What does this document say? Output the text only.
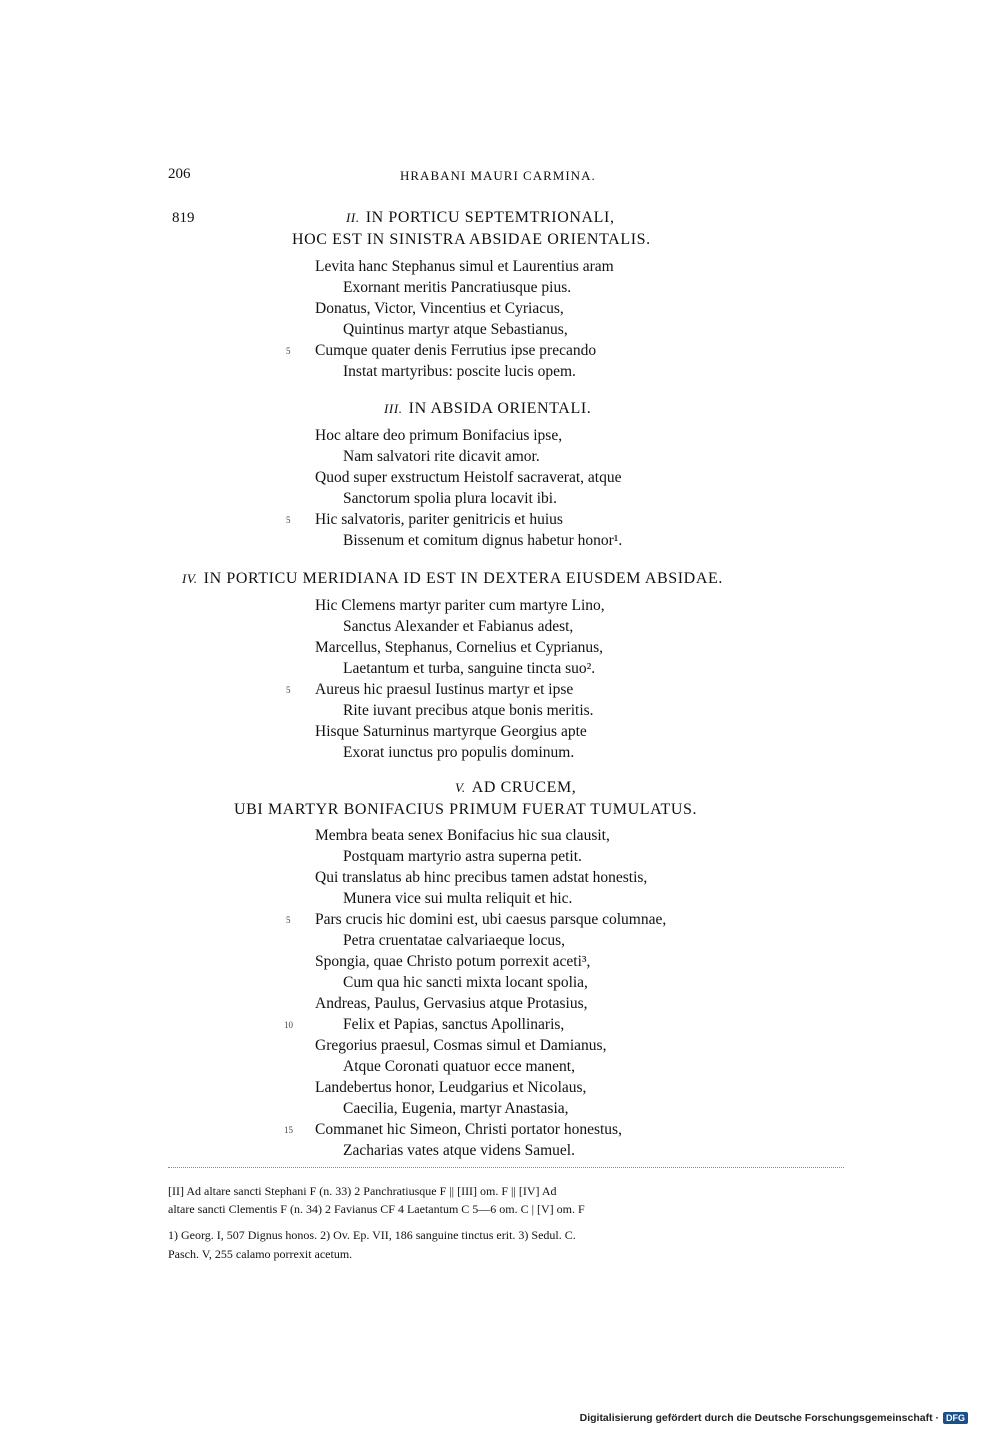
206	HRABANI MAURI CARMINA.
819	II. IN PORTICU SEPTEMTRIONALI,
HOC EST IN SINISTRA ABSIDAE ORIENTALIS.
Levita hanc Stephanus simul et Laurentius aram
Exornant meritis Pancratiusque pius.
Donatus, Victor, Vincentius et Cyriacus,
Quintinus martyr atque Sebastianus,
5 Cumque quater denis Ferrutius ipse precando
Instat martyribus: poscite lucis opem.
III. IN ABSIDA ORIENTALI.
Hoc altare deo primum Bonifacius ipse,
Nam salvatori rite dicavit amor.
Quod super exstructum Heistolf sacraverat, atque
Sanctorum spolia plura locavit ibi.
5 Hic salvatoris, pariter genitricis et huius
Bissenum et comitum dignus habetur honor¹.
IV. IN PORTICU MERIDIANA ID EST IN DEXTERA EIUSDEM ABSIDAE.
Hic Clemens martyr pariter cum martyre Lino,
Sanctus Alexander et Fabianus adest,
Marcellus, Stephanus, Cornelius et Cyprianus,
Laetantum et turba, sanguine tincta suo².
5 Aureus hic praesul Iustinus martyr et ipse
Rite iuvant precibus atque bonis meritis.
Hisque Saturninus martyrque Georgius apte
Exorat iunctus pro populis dominum.
V. AD CRUCEM,
UBI MARTYR BONIFACIUS PRIMUM FUERAT TUMULATUS.
Membra beata senex Bonifacius hic sua clausit,
Postquam martyrio astra superna petit.
Qui translatus ab hinc precibus tamen adstat honestis,
Munera vice sui multa reliquit et hic.
5 Pars crucis hic domini est, ubi caesus parsque columnae,
Petra cruentatae calvariaeque locus,
Spongia, quae Christo potum porrexit aceti³,
Cum qua hic sancti mixta locant spolia,
Andreas, Paulus, Gervasius atque Protasius,
10	Felix et Papias, sanctus Apollinaris,
Gregorius praesul, Cosmas simul et Damianus,
Atque Coronati quatuor ecce manent,
Landebertus honor, Leudgarius et Nicolaus,
Caecilia, Eugenia, martyr Anastasia,
15 Commanet hic Simeon, Christi portator honestus,
Zacharias vates atque videns Samuel.
[II] Ad altare sancti Stephani F (n. 33) 2 Panchratiusque F || [III] om. F || [IV] Ad
altare sancti Clementis F (n. 34) 2 Favianus CF 4 Laetantum C 5—6 om. C | [V] om. F
1) Georg. I, 507 Dignus honos. 2) Ov. Ep. VII, 186 sanguine tinctus erit. 3) Sedul. C.
Pasch. V, 255 calamo porrexit acetum.
Digitalisierung gefördert durch die Deutsche Forschungsgemeinschaft · DFG
